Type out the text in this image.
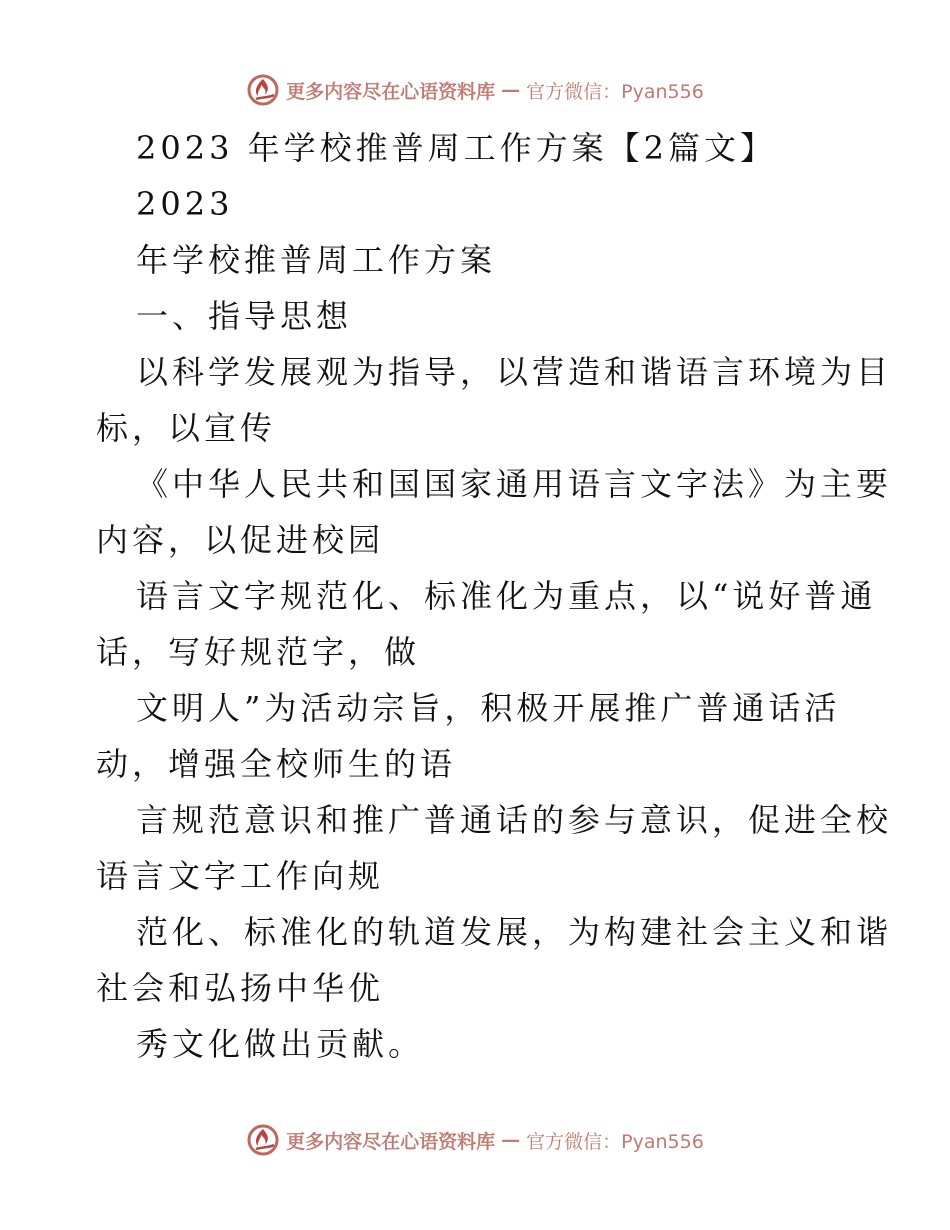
更多内容尽在心语资料库 — 官方微信：Pyan556

2023 年学校推普周工作方案【2篇文】

2023

年学校推普周工作方案

一、指导思想

以科学发展观为指导，以营造和谐语言环境为目

标，以宣传

《中华人民共和国国家通用语言文字法》为主要

内容，以促进校园

语言文字规范化、标准化为重点，以“说好普通

话，写好规范字，做

文明人”为活动宗旨，积极开展推广普通话活

动，增强全校师生的语

言规范意识和推广普通话的参与意识，促进全校

语言文字工作向规

范化、标准化的轨道发展，为构建社会主义和谐

社会和弘扬中华优

秀文化做出贡献。

更多内容尽在心语资料库 — 官方微信：Pyan556
